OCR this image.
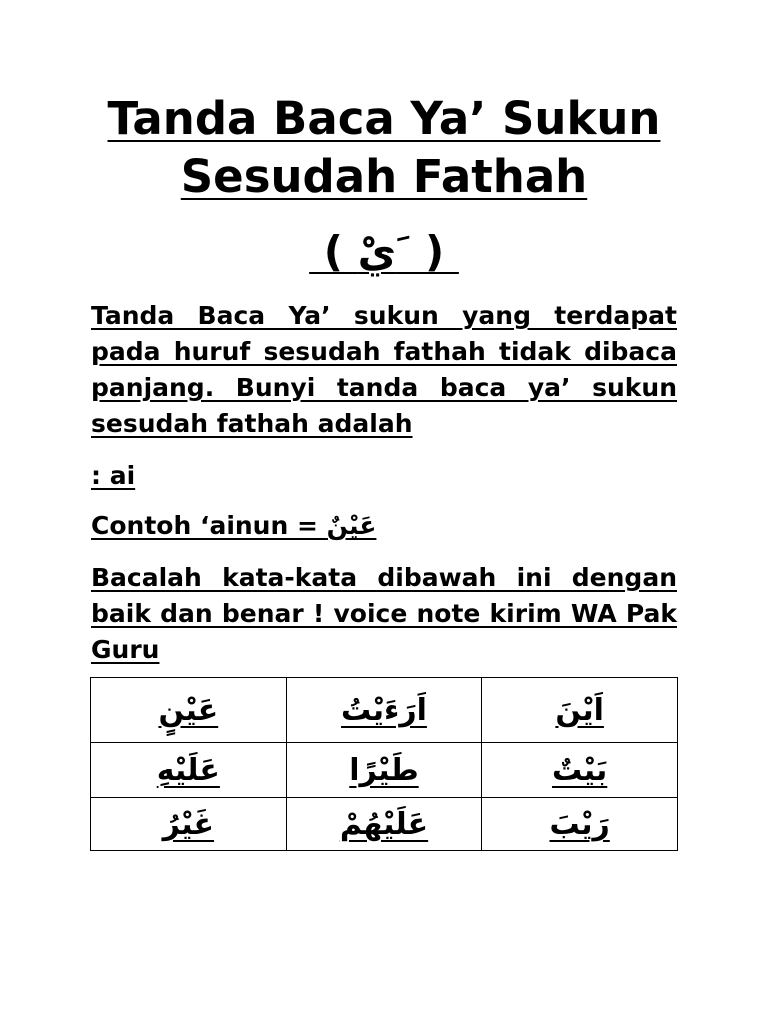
Tanda Baca Ya’ Sukun
Sesudah Fathah
( يْ َ )

Tanda Baca Ya’ sukun yang terdapat pada huruf sesudah fathah tidak dibaca panjang. Bunyi tanda baca ya’ sukun sesudah fathah adalah

: ai

Contoh ‘ainun = عَيْنٌ

Bacalah kata-kata dibawah ini dengan baik dan benar ! voice note kirim WA Pak Guru

عَيْنٍ	اَرَءَيْتُ	اَيْنَ
عَلَيْهِ	طَيْرًا	بَيْتٌ
غَيْرُ	عَلَيْهُمْ	رَيْبَ
